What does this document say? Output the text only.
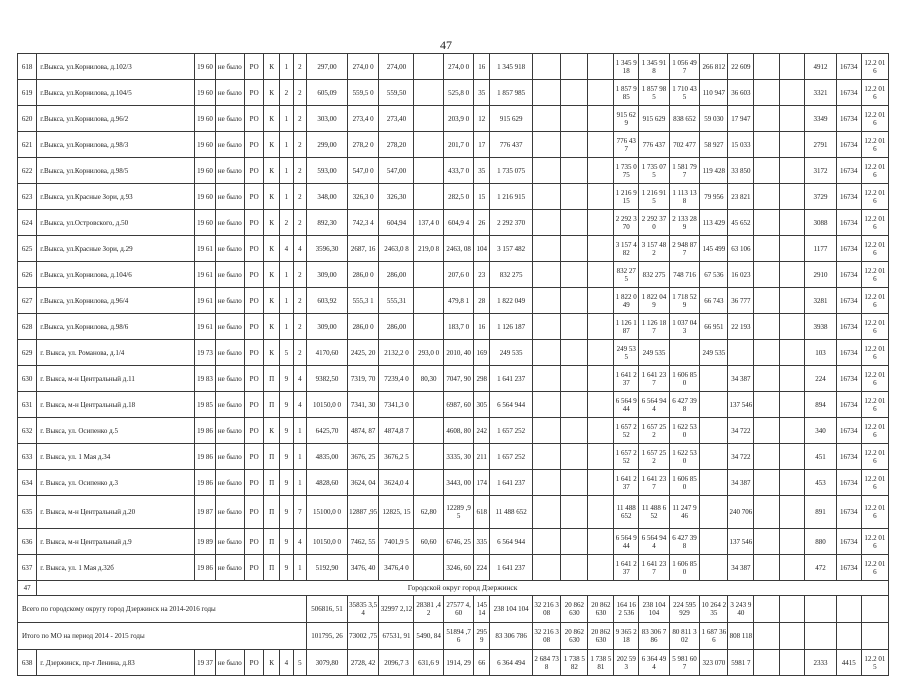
47
618	г.Выкса, ул.Корнилова, д.102/3	19 60	не было	РО	К	1	2	297,00	274,0 0	274,00		274,0 0	16	1 345 918				1 345 918	1 345 918	1 056 497	266 812	22 609			4912	16734	12.2 016
619	г.Выкса, ул.Корнилова, д.104/5	19 60	не было	РО	К	2	2	605,09	559,5 0	559,50		525,8 0	35	1 857 985				1 857 985	1 857 985	1 710 435	110 947	36 603			3321	16734	12.2 016
620	г.Выкса, ул.Корнилова, д.96/2	19 60	не было	РО	К	1	2	303,00	273,4 0	273,40		203,9 0	12	915 629				915 629	915 629	838 652	59 030	17 947			3349	16734	12.2 016
621	г.Выкса, ул.Корнилова, д.98/3	19 60	не было	РО	К	1	2	299,00	278,2 0	278,20		201,7 0	17	776 437				776 437	776 437	702 477	58 927	15 033			2791	16734	12.2 016
622	г.Выкса, ул.Корнилова, д.98/5	19 60	не было	РО	К	1	2	593,00	547,0 0	547,00		433,7 0	35	1 735 075				1 735 075	1 735 075	1 581 797	119 428	33 850			3172	16734	12.2 016
623	г.Выкса, ул.Красные Зори, д.93	19 60	не было	РО	К	1	2	348,00	326,3 0	326,30		282,5 0	15	1 216 915				1 216 915	1 216 915	1 113 138	79 956	23 821			3729	16734	12.2 016
624	г.Выкса, ул.Островского, д.50	19 60	не было	РО	К	2	2	892,30	742,3 4	604,94	137,4 0	604,9 4	26	2 292 370				2 292 370	2 292 370	2 133 289	113 429	45 652			3088	16734	12.2 016
625	г.Выкса, ул.Красные Зори, д.29	19 61	не было	РО	К	4	4	3596,30	2687, 16	2463,0 8	219,0 8	2463, 08	104	3 157 482				3 157 482	3 157 482	2 948 877	145 499	63 106			1177	16734	12.2 016
626	г.Выкса, ул.Корнилова, д.104/6	19 61	не было	РО	К	1	2	309,00	286,0 0	286,00		207,6 0	23	832 275				832 275	832 275	748 716	67 536	16 023			2910	16734	12.2 016
627	г.Выкса, ул.Корнилова, д.96/4	19 61	не было	РО	К	1	2	603,92	555,3 1	555,31		479,8 1	28	1 822 049				1 822 049	1 822 049	1 718 529	66 743	36 777			3281	16734	12.2 016
628	г.Выкса, ул.Корнилова, д.98/6	19 61	не было	РО	К	1	2	309,00	286,0 0	286,00		183,7 0	16	1 126 187				1 126 187	1 126 187	1 037 043	66 951	22 193			3938	16734	12.2 016
629	г. Выкса, ул. Романова, д.1/4	19 73	не было	РО	К	5	2	4170,60	2425, 20	2132,2 0	293,0 0	2010, 40	169	249 535				249 535	249 535		249 535				103	16734	12.2 016
630	г. Выкса, м-н Центральный д.11	19 83	не было	РО	П	9	4	9382,50	7319, 70	7239,4 0	80,30	7047, 90	298	1 641 237				1 641 237	1 641 237	1 606 850		34 387			224	16734	12.2 016
631	г. Выкса, м-н Центральный д.18	19 85	не было	РО	П	9	4	10150,0 0	7341, 30	7341,3 0		6987, 60	305	6 564 944				6 564 944	6 564 944	6 427 398		137 546			894	16734	12.2 016
632	г. Выкса, ул. Осипенко д.5	19 86	не было	РО	К	9	1	6425,70	4874, 87	4874,8 7		4608, 80	242	1 657 252				1 657 252	1 657 252	1 622 530		34 722			340	16734	12.2 016
633	г. Выкса, ул. 1 Мая д.34	19 86	не было	РО	П	9	1	4835,00	3676, 25	3676,2 5		3335, 30	211	1 657 252				1 657 252	1 657 252	1 622 530		34 722			451	16734	12.2 016
634	г. Выкса, ул. Осипенко д.3	19 86	не было	РО	П	9	1	4828,60	3624, 04	3624,0 4		3443, 00	174	1 641 237				1 641 237	1 641 237	1 606 850		34 387			453	16734	12.2 016
635	г. Выкса, м-н Центральный д.20	19 87	не было	РО	П	9	7	15100,0 0	12887 ,95	12825, 15	62,80	12289 ,95	618	11 488 652				11 488 652	11 488 652	11 247 946		240 706			891	16734	12.2 016
636	г. Выкса, м-н Центральный д.9	19 89	не было	РО	П	9	4	10150,0 0	7462, 55	7401,9 5	60,60	6746, 25	335	6 564 944				6 564 944	6 564 944	6 427 398		137 546			880	16734	12.2 016
637	г. Выкса, ул. 1 Мая д.32б	19 86	не было	РО	П	9	1	5192,90	3476, 40	3476,4 0		3246, 60	224	1 641 237				1 641 237	1 641 237	1 606 850		34 387			472	16734	12.2 016
47	Городской округ город Дзержинск																										
Всего по городскому округу город Дзержинск на 2014-2016 годы								506816, 51	35835 3,54	32997 2,12	28381 ,42	27577 4,60	145 14	238 104 104	32 216 308	20 862 630	20 862 630	164 162 536	238 104 104	224 595 929	10 264 235	3 243 940					
Итого по МО на период 2014 - 2015 годы								101795, 26	73002 ,75	67531, 91	5490, 84	51894 ,76	295 9	83 306 786	32 216 308	20 862 630	20 862 630	9 365 218	83 306 786	80 811 302	1 687 366	808 118					
638	г. Дзержинск, пр-т Ленина, д.83	19 37	не было	РО	К	4	5	3079,80	2728, 42	2096,7 3	631,6 9	1914, 29	66	6 364 494	2 684 738	1 738 582	1 738 581	202 593	6 364 494	5 981 607	323 070	5981 7			2333	4415	12.2 015
